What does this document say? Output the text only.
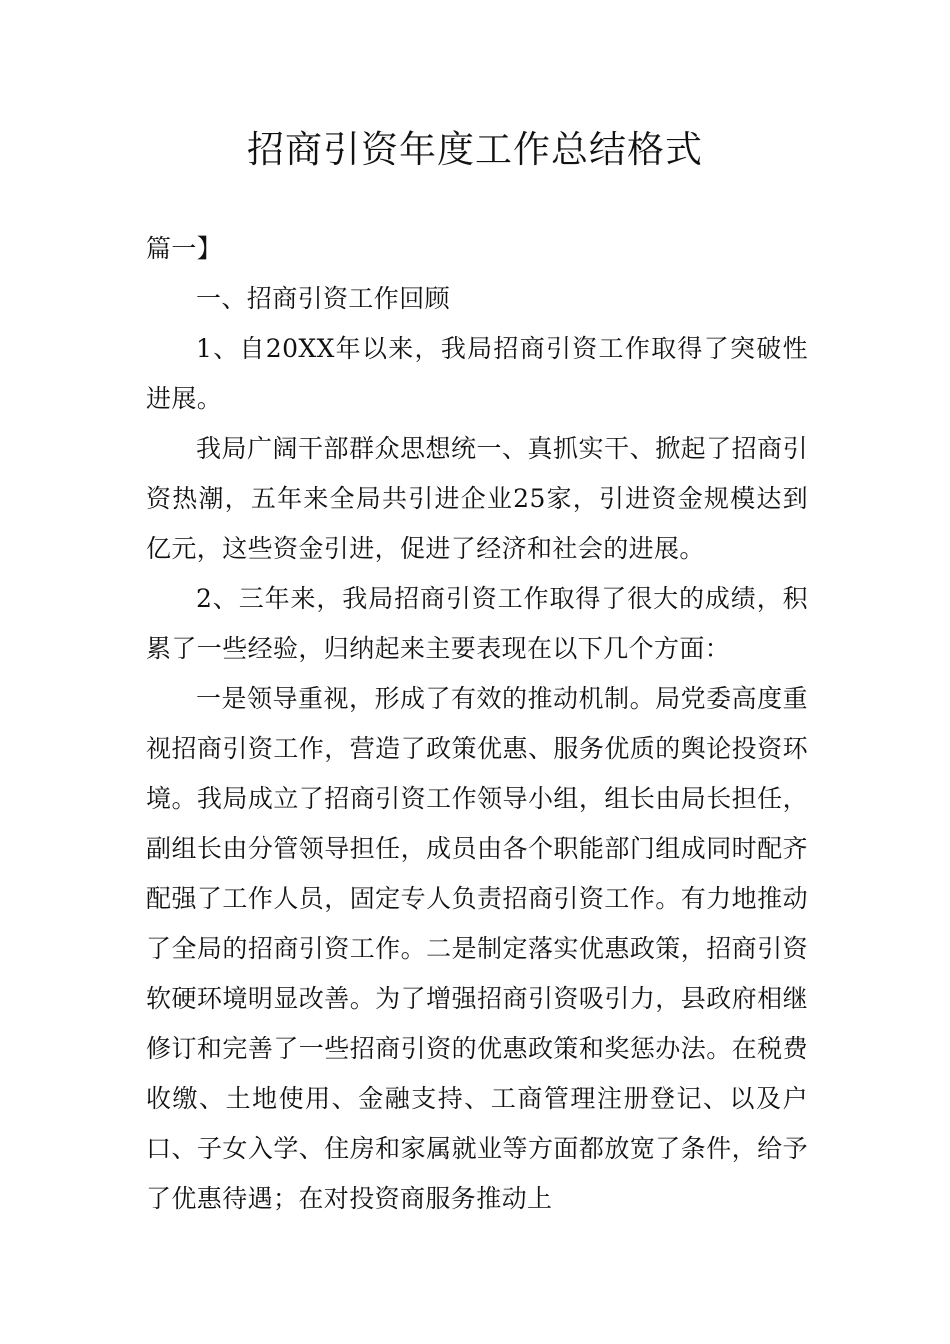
招商引资年度工作总结格式

篇一】

一、招商引资工作回顾

1、自20XX年以来，我局招商引资工作取得了突破性进展。

我局广阔干部群众思想统一、真抓实干、掀起了招商引资热潮，五年来全局共引进企业25家，引进资金规模达到亿元，这些资金引进，促进了经济和社会的进展。

2、三年来，我局招商引资工作取得了很大的成绩，积累了一些经验，归纳起来主要表现在以下几个方面：

一是领导重视，形成了有效的推动机制。局党委高度重视招商引资工作，营造了政策优惠、服务优质的舆论投资环境。我局成立了招商引资工作领导小组，组长由局长担任，副组长由分管领导担任，成员由各个职能部门组成同时配齐配强了工作人员，固定专人负责招商引资工作。有力地推动了全局的招商引资工作。二是制定落实优惠政策，招商引资软硬环境明显改善。为了增强招商引资吸引力，县政府相继修订和完善了一些招商引资的优惠政策和奖惩办法。在税费收缴、土地使用、金融支持、工商管理注册登记、以及户口、子女入学、住房和家属就业等方面都放宽了条件，给予了优惠待遇；在对投资商服务推动上
